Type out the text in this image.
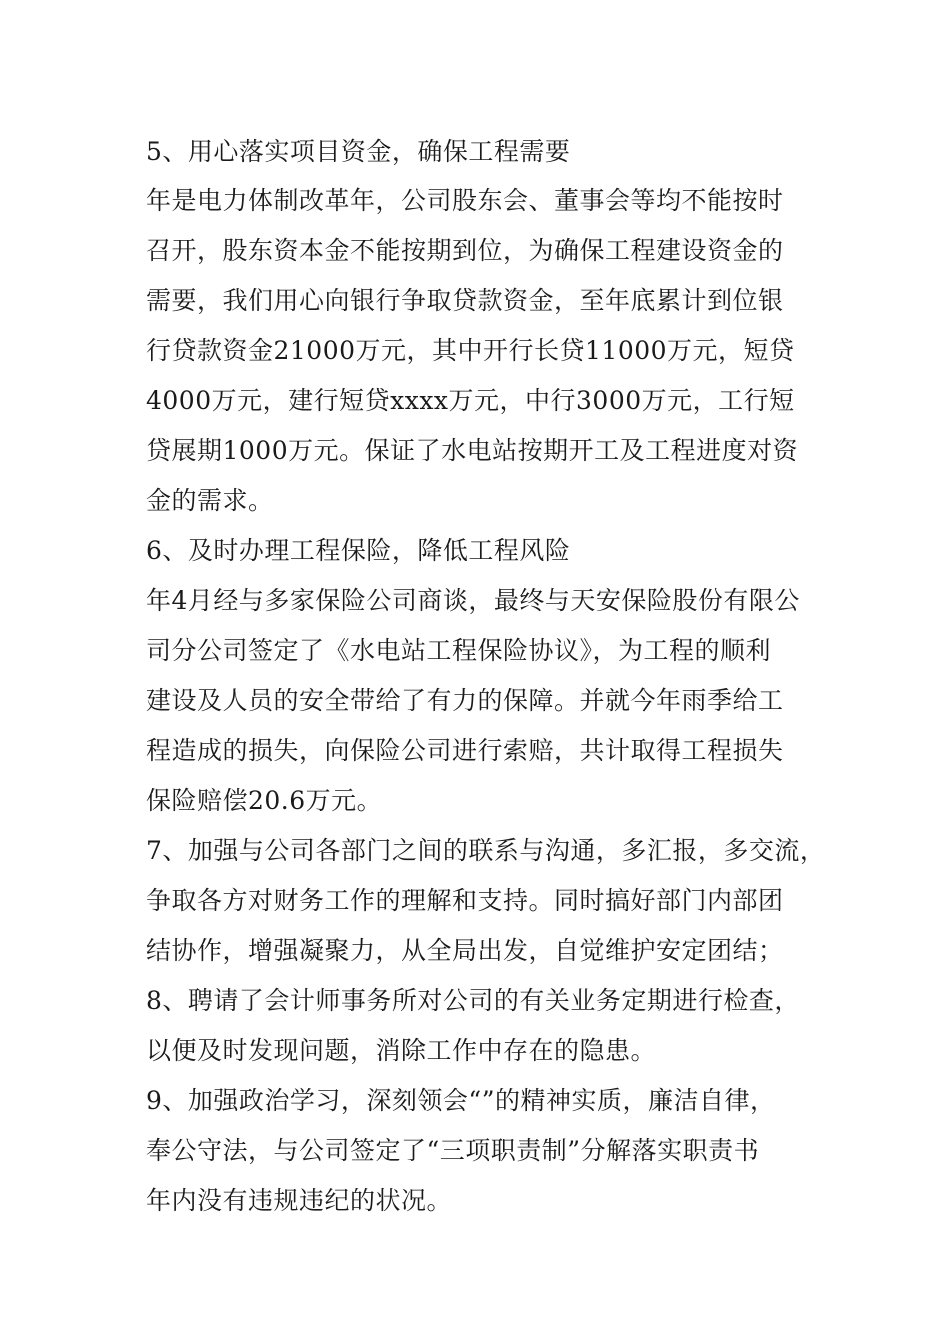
5、用心落实项目资金，确保工程需要
年是电力体制改革年，公司股东会、董事会等均不能按时
召开，股东资本金不能按期到位，为确保工程建设资金的
需要，我们用心向银行争取贷款资金，至年底累计到位银
行贷款资金21000万元，其中开行长贷11000万元，短贷
4000万元，建行短贷xxxx万元，中行3000万元，工行短
贷展期1000万元。保证了水电站按期开工及工程进度对资
金的需求。
6、及时办理工程保险，降低工程风险
年4月经与多家保险公司商谈，最终与天安保险股份有限公
司分公司签定了《水电站工程保险协议》，为工程的顺利
建设及人员的安全带给了有力的保障。并就今年雨季给工
程造成的损失，向保险公司进行索赔，共计取得工程损失
保险赔偿20.6万元。
7、加强与公司各部门之间的联系与沟通，多汇报，多交流，
争取各方对财务工作的理解和支持。同时搞好部门内部团
结协作，增强凝聚力，从全局出发，自觉维护安定团结；
8、聘请了会计师事务所对公司的有关业务定期进行检查，
以便及时发现问题，消除工作中存在的隐患。
9、加强政治学习，深刻领会“”的精神实质，廉洁自律，
奉公守法，与公司签定了“三项职责制”分解落实职责书
年内没有违规违纪的状况。
